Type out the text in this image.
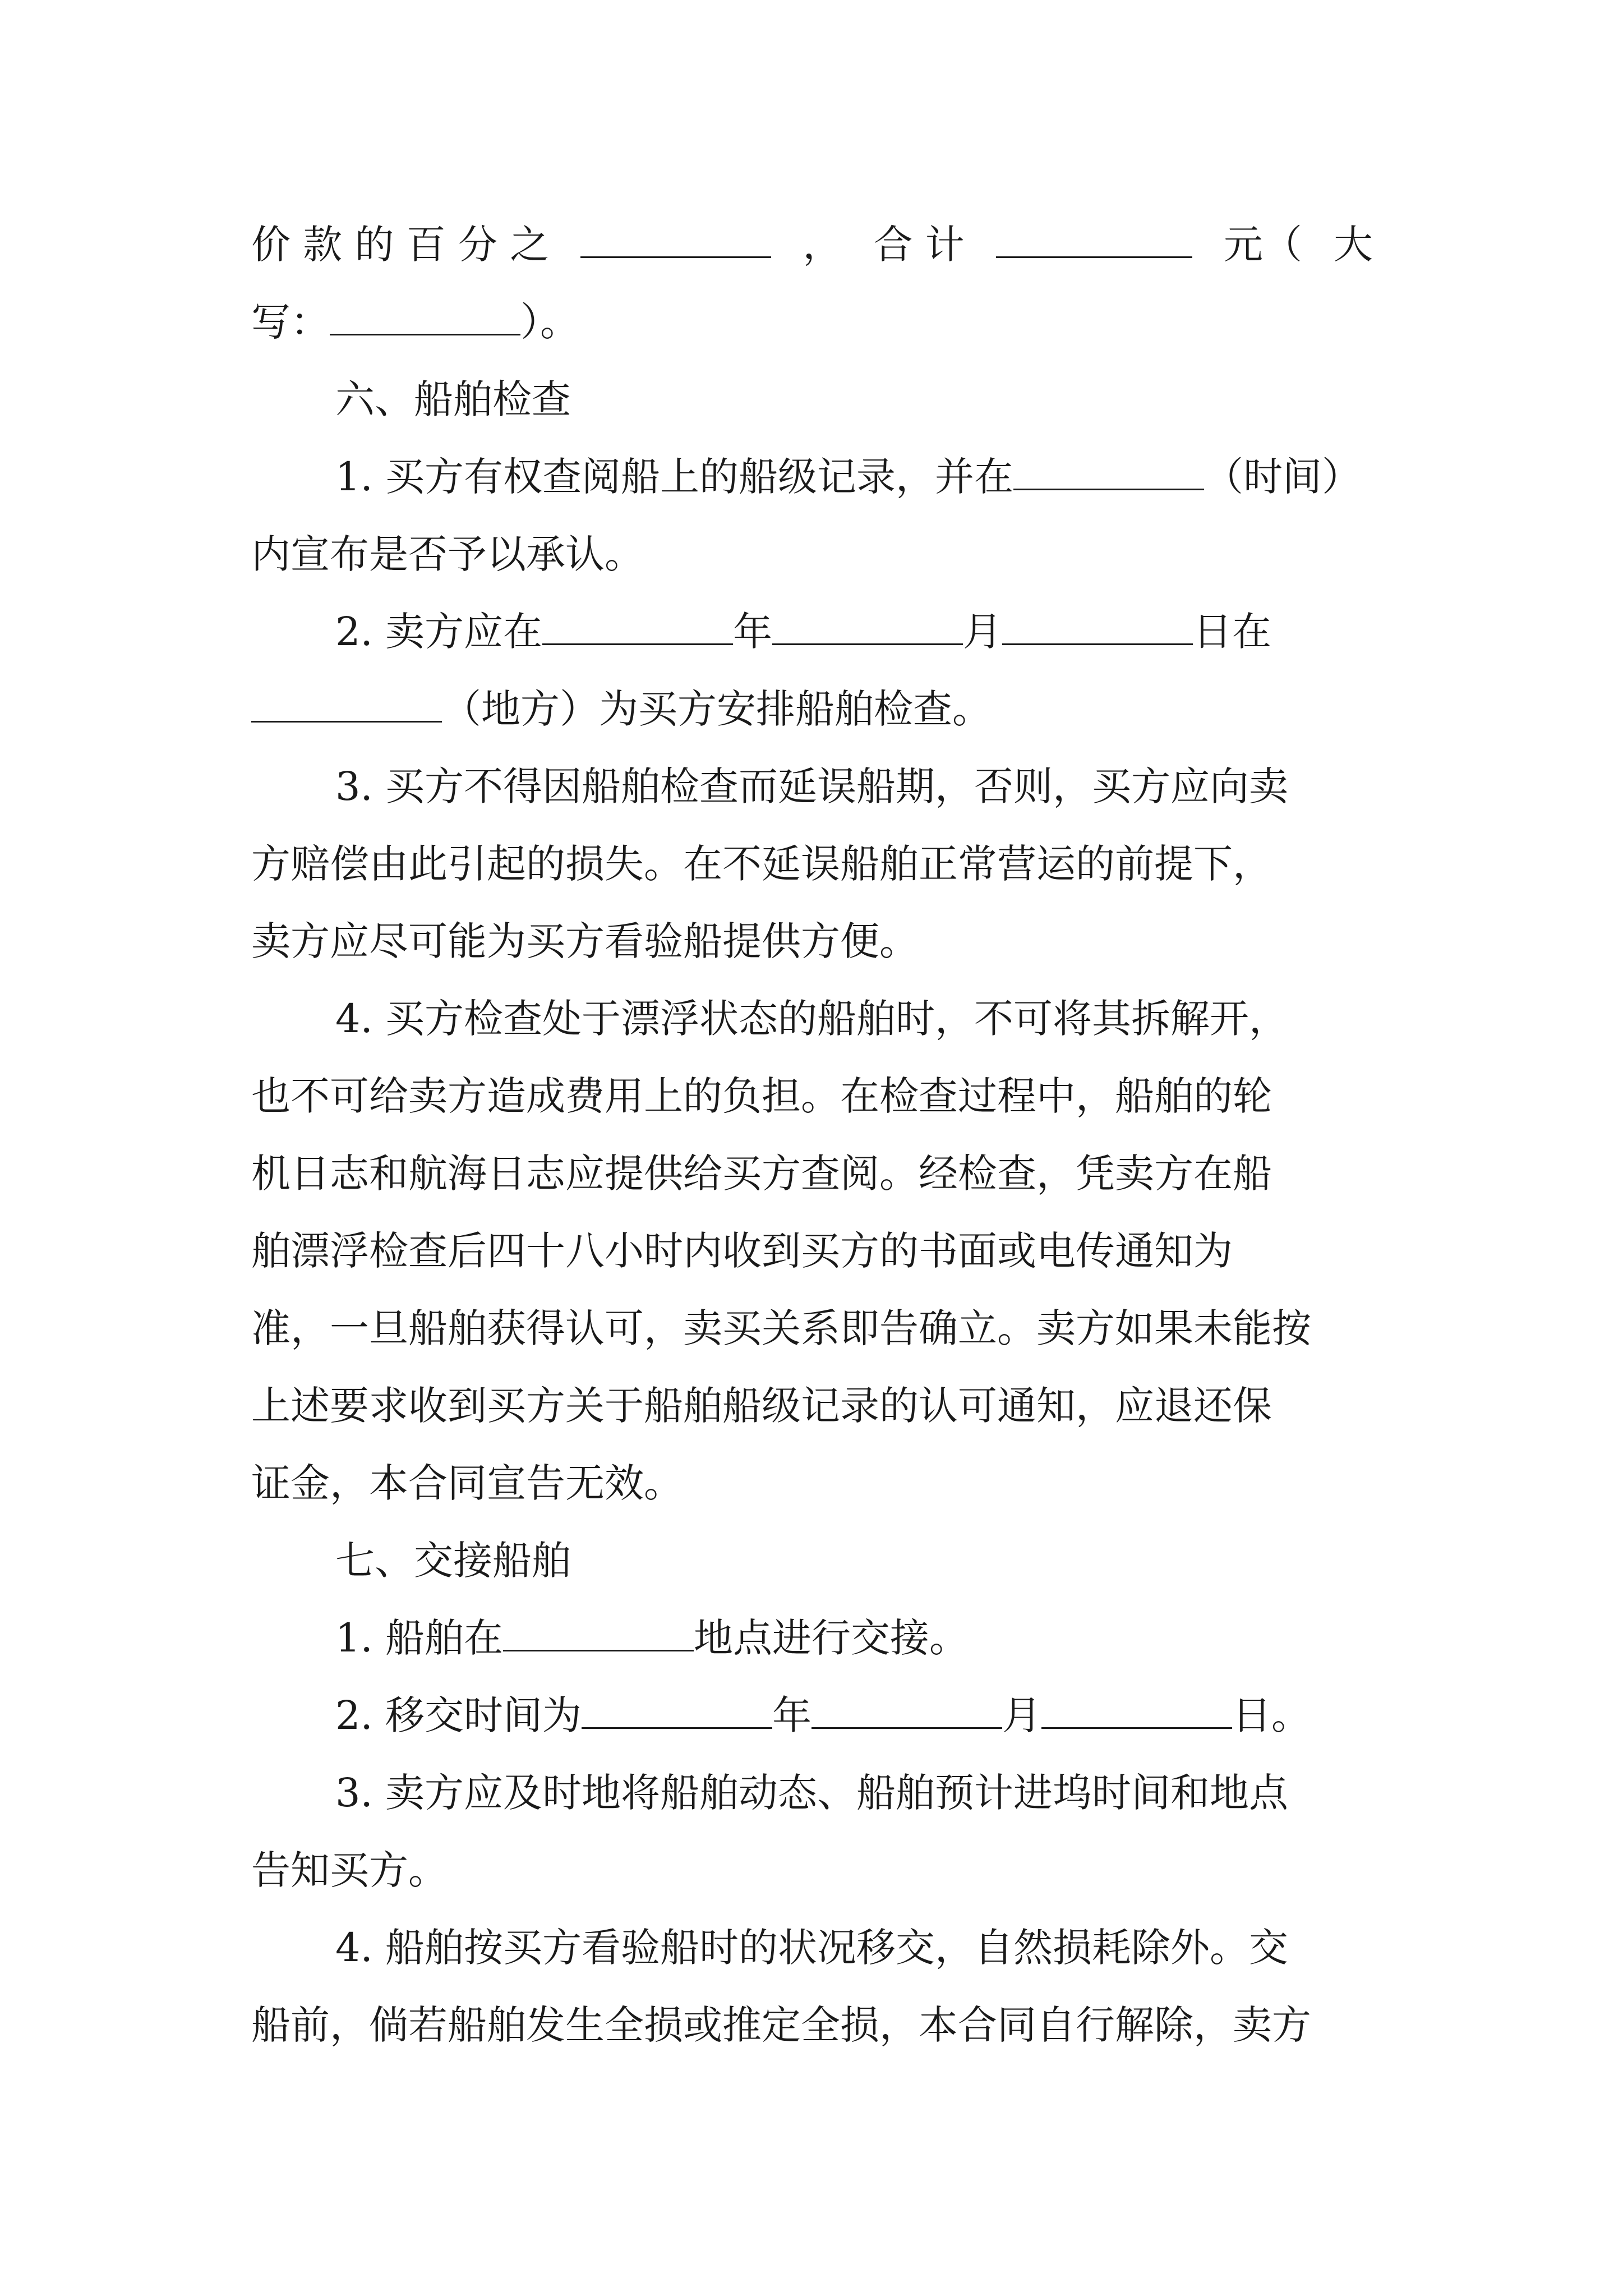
价 款 的 百 分 之	， 合 计	元（ 大
写：	）。
六、船舶检查
1. 买方有权查阅船上的船级记录，并在	（时间）
内宣布是否予以承认。
2. 卖方应在	年	月	日在
（地方）为买方安排船舶检查。
3. 买方不得因船舶检查而延误船期，否则，买方应向卖
方赔偿由此引起的损失。在不延误船舶正常营运的前提下，
卖方应尽可能为买方看验船提供方便。
4. 买方检查处于漂浮状态的船舶时，不可将其拆解开，
也不可给卖方造成费用上的负担。在检查过程中，船舶的轮
机日志和航海日志应提供给买方查阅。经检查，凭卖方在船
舶漂浮检查后四十八小时内收到买方的书面或电传通知为
准，一旦船舶获得认可，卖买关系即告确立。卖方如果未能按
上述要求收到买方关于船舶船级记录的认可通知，应退还保
证金，本合同宣告无效。
七、交接船舶
1. 船舶在	地点进行交接。
2. 移交时间为	年	月	日。
3. 卖方应及时地将船舶动态、船舶预计进坞时间和地点
告知买方。
4. 船舶按买方看验船时的状况移交，自然损耗除外。交
船前，倘若船舶发生全损或推定全损，本合同自行解除，卖方
